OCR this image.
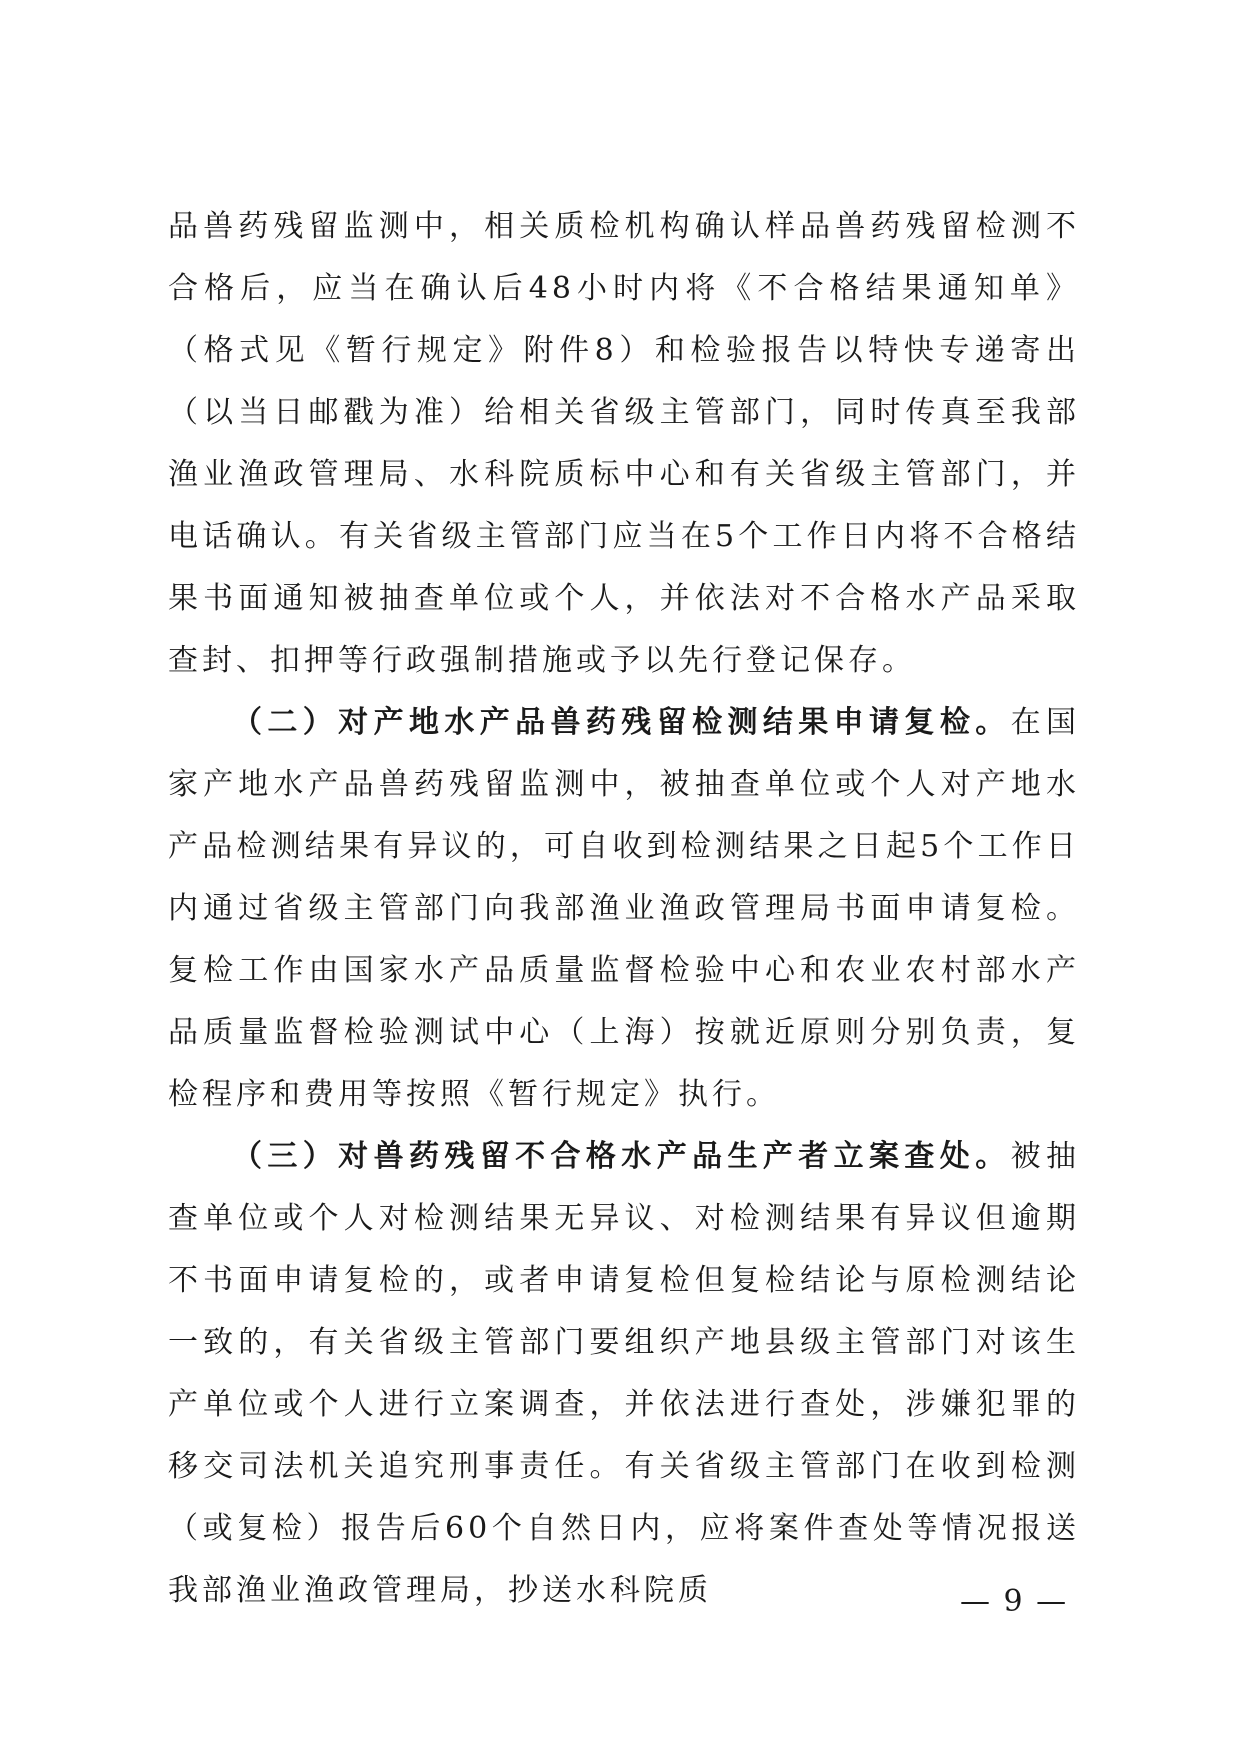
品兽药残留监测中，相关质检机构确认样品兽药残留检测不合格后，应当在确认后48小时内将《不合格结果通知单》（格式见《暂行规定》附件8）和检验报告以特快专递寄出（以当日邮戳为准）给相关省级主管部门，同时传真至我部渔业渔政管理局、水科院质标中心和有关省级主管部门，并电话确认。有关省级主管部门应当在5个工作日内将不合格结果书面通知被抽查单位或个人，并依法对不合格水产品采取查封、扣押等行政强制措施或予以先行登记保存。

（二）对产地水产品兽药残留检测结果申请复检。在国家产地水产品兽药残留监测中，被抽查单位或个人对产地水产品检测结果有异议的，可自收到检测结果之日起5个工作日内通过省级主管部门向我部渔业渔政管理局书面申请复检。复检工作由国家水产品质量监督检验中心和农业农村部水产品质量监督检验测试中心（上海）按就近原则分别负责，复检程序和费用等按照《暂行规定》执行。

（三）对兽药残留不合格水产品生产者立案查处。被抽查单位或个人对检测结果无异议、对检测结果有异议但逾期不书面申请复检的，或者申请复检但复检结论与原检测结论一致的，有关省级主管部门要组织产地县级主管部门对该生产单位或个人进行立案调查，并依法进行查处，涉嫌犯罪的移交司法机关追究刑事责任。有关省级主管部门在收到检测（或复检）报告后60个自然日内，应将案件查处等情况报送我部渔业渔政管理局，抄送水科院质	— 9 —
